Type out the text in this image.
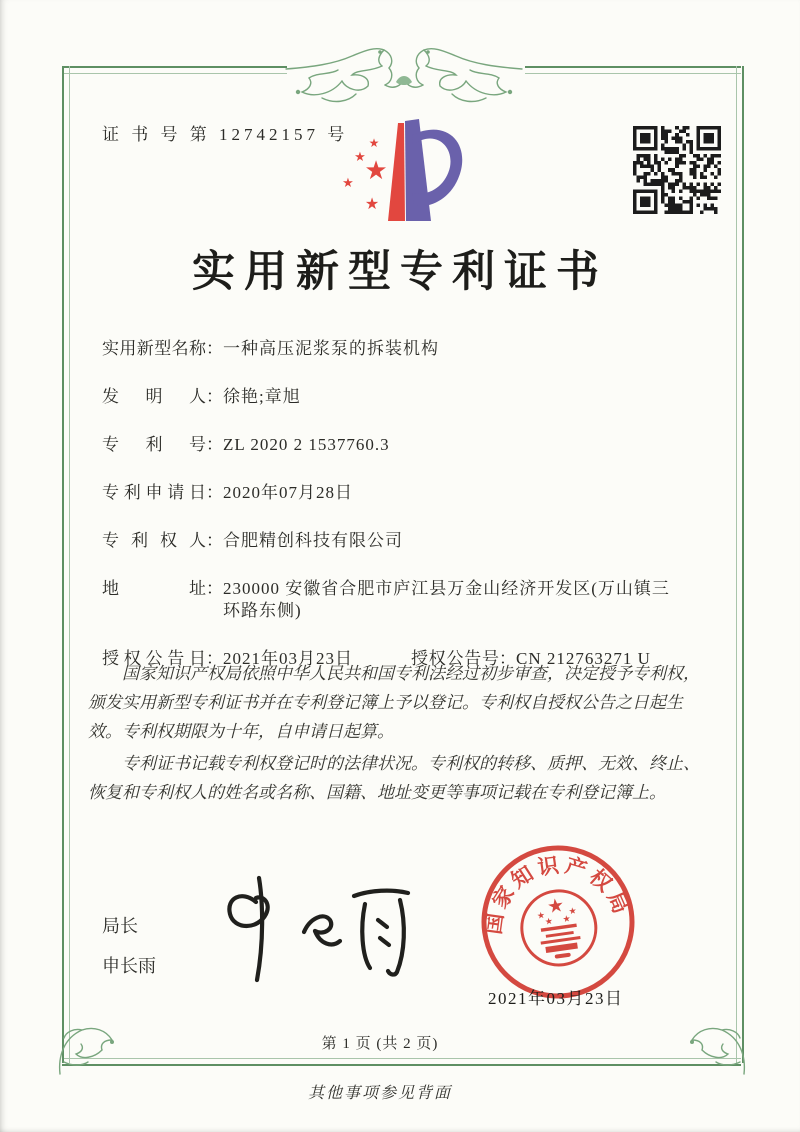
证 书 号 第 12742157 号
★
★
★
★
★
实用新型专利证书
实用新型名称 ： 一种高压泥浆泵的拆装机构
发明人 ： 徐艳;章旭
专利号 ： ZL 2020 2 1537760.3
专利申请日 ： 2020年07月28日
专利权人 ： 合肥精创科技有限公司
地址 ： 230000 安徽省合肥市庐江县万金山经济开发区(万山镇三环路东侧)
授权公告日 ： 2021年03月23日	授权公告号 ： CN 212763271 U

国家知识产权局依照中华人民共和国专利法经过初步审查，决定授予专利权，颁发实用新型专利证书并在专利登记簿上予以登记。专利权自授权公告之日起生效。专利权期限为十年，自申请日起算。

专利证书记载专利权登记时的法律状况。专利权的转移、质押、无效、终止、恢复和专利权人的姓名或名称、国籍、地址变更等事项记载在专利登记簿上。

局长
申长雨
国家知识产权局
★
★
★
★
★
2021年03月23日
第 1 页 (共 2 页)
其他事项参见背面
